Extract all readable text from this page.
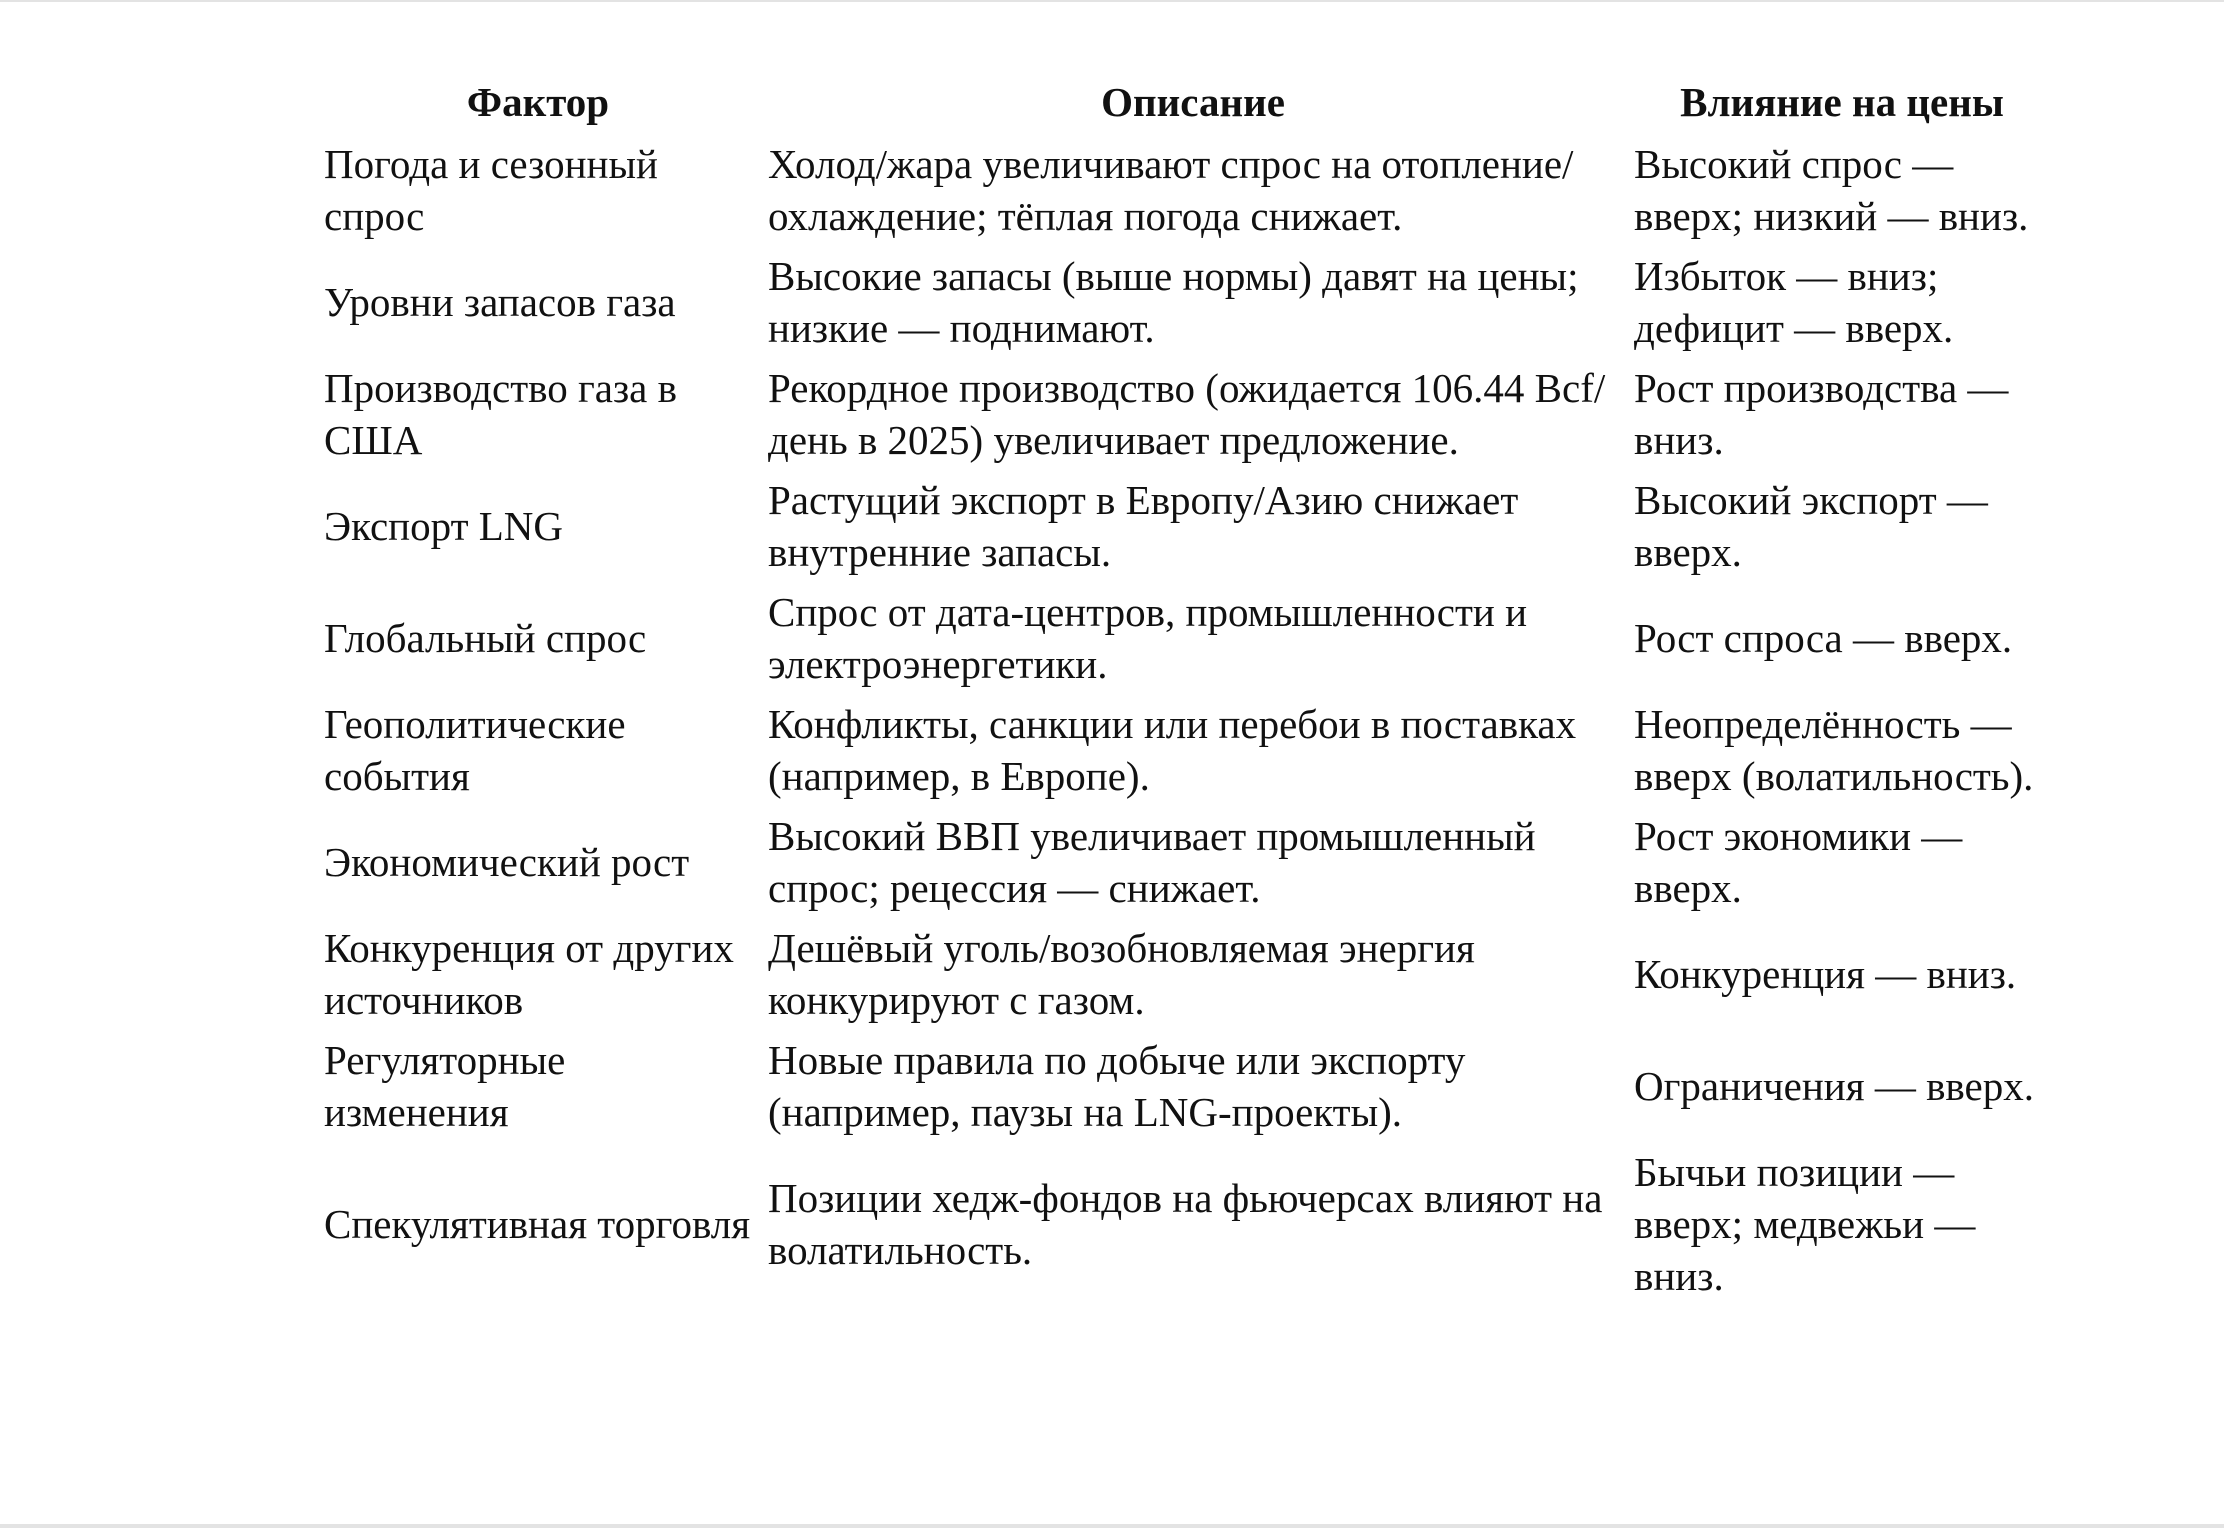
Фактор	Описание	Влияние на цены
Погода и сезонный спрос	Холод/жара увеличивают спрос на отопление/охлаждение; тёплая погода снижает.	Высокий спрос — вверх; низкий — вниз.
Уровни запасов газа	Высокие запасы (выше нормы) давят на цены; низкие — поднимают.	Избыток — вниз; дефицит — вверх.
Производство газа в США	Рекордное производство (ожидается 106.44 Bcf/день в 2025) увеличивает предложение.	Рост производства — вниз.
Экспорт LNG	Растущий экспорт в Европу/Азию снижает внутренние запасы.	Высокий экспорт — вверх.
Глобальный спрос	Спрос от дата-центров, промышленности и электроэнергетики.	Рост спроса — вверх.
Геополитические события	Конфликты, санкции или перебои в поставках (например, в Европе).	Неопределённость — вверх (волатильность).
Экономический рост	Высокий ВВП увеличивает промышленный спрос; рецессия — снижает.	Рост экономики — вверх.
Конкуренция от других источников	Дешёвый уголь/возобновляемая энергия конкурируют с газом.	Конкуренция — вниз.
Регуляторные изменения	Новые правила по добыче или экспорту (например, паузы на LNG-проекты).	Ограничения — вверх.
Спекулятивная торговля	Позиции хедж-фондов на фьючерсах влияют на волатильность.	Бычьи позиции — вверх; медвежьи — вниз.
